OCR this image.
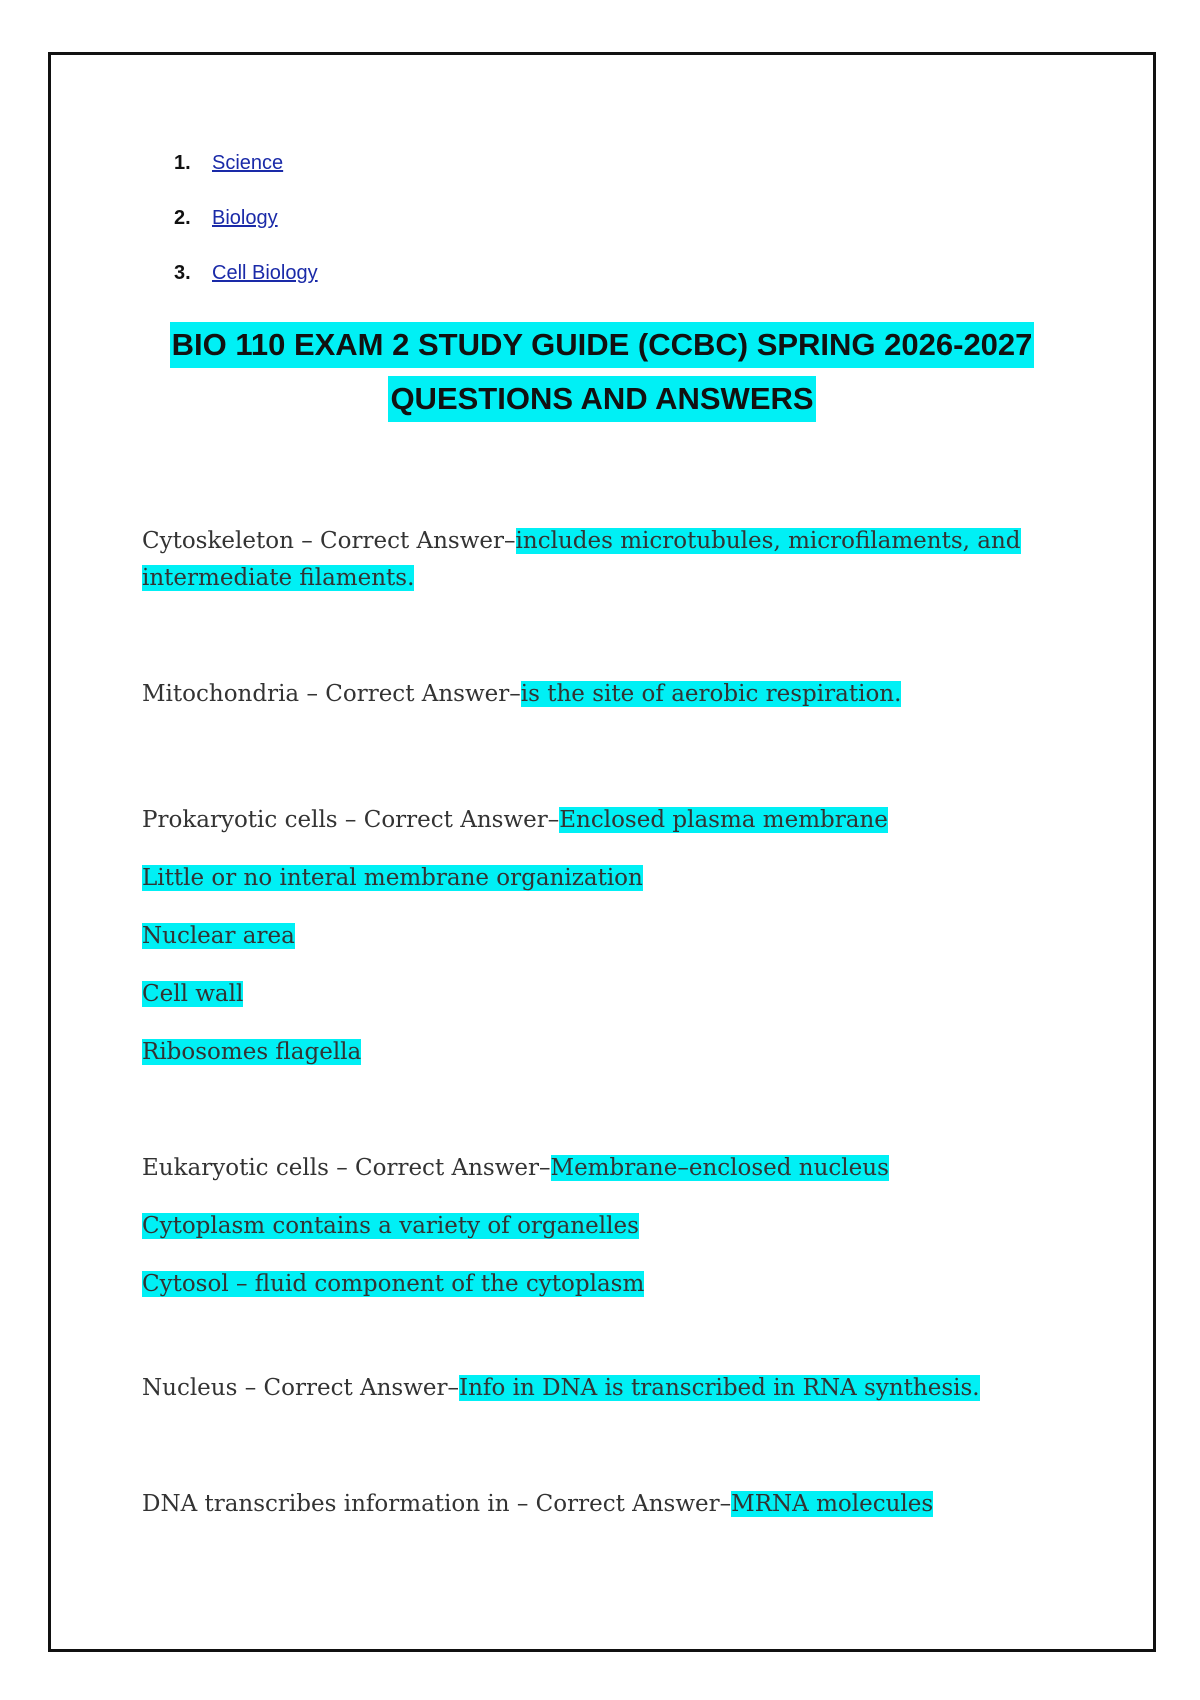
1.	Science
2.	Biology
3.	Cell Biology
BIO 110 EXAM 2 STUDY GUIDE (CCBC) SPRING 2026-2027
QUESTIONS AND ANSWERS
Cytoskeleton – Correct Answer–includes microtubules, microfilaments, and intermediate filaments.
Mitochondria – Correct Answer–is the site of aerobic respiration.
Prokaryotic cells – Correct Answer–Enclosed plasma membrane
Little or no interal membrane organization
Nuclear area
Cell wall
Ribosomes flagella
Eukaryotic cells – Correct Answer–Membrane–enclosed nucleus
Cytoplasm contains a variety of organelles
Cytosol – fluid component of the cytoplasm
Nucleus – Correct Answer–Info in DNA is transcribed in RNA synthesis.
DNA transcribes information in – Correct Answer–MRNA molecules
